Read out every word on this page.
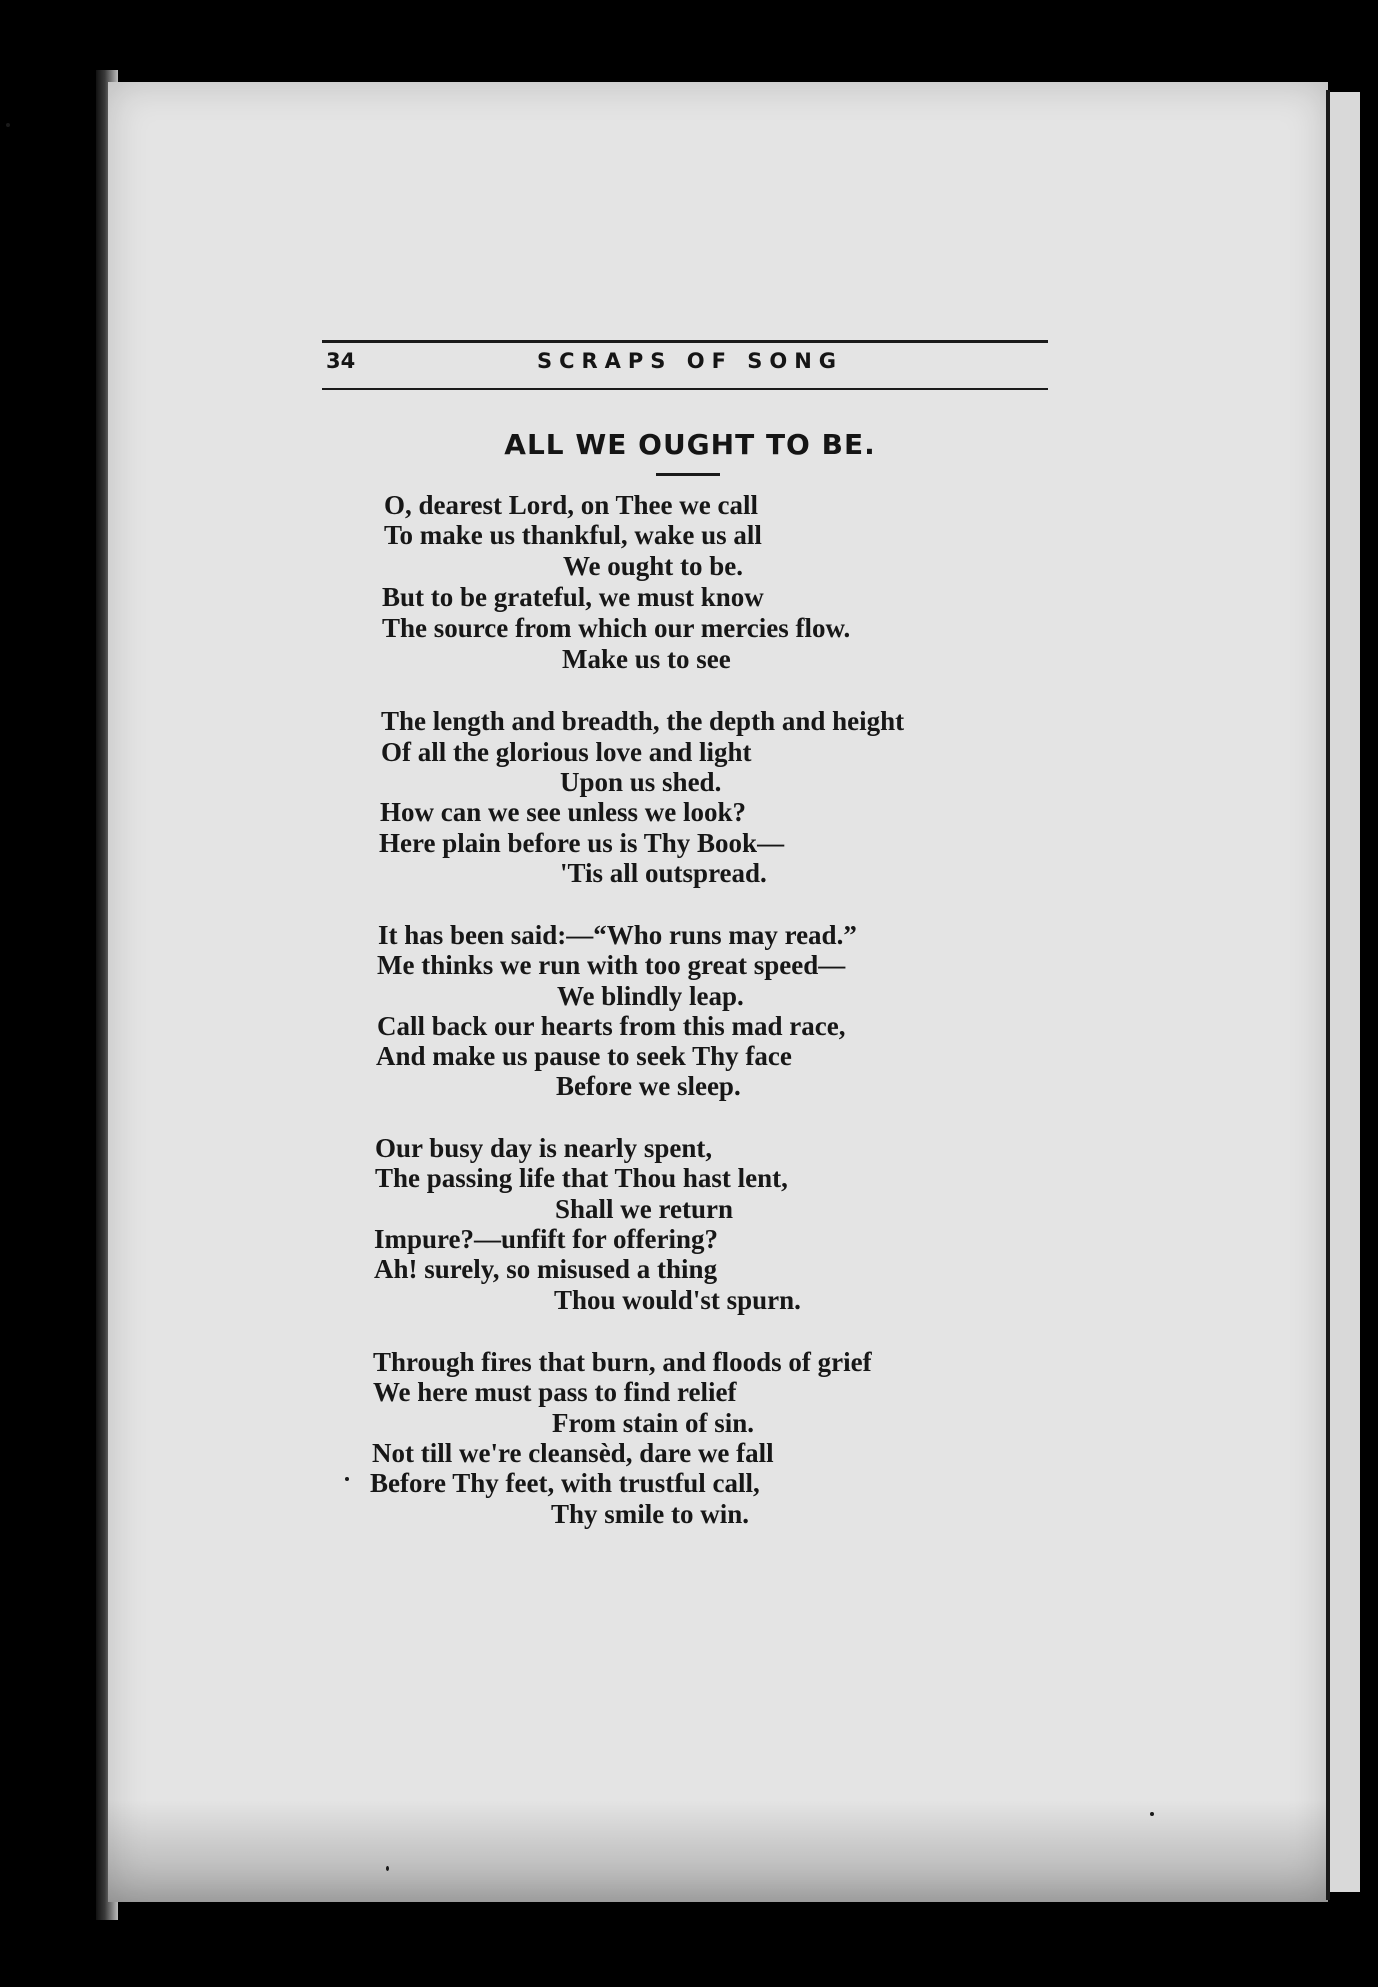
34	SCRAPS OF SONG
ALL WE OUGHT TO BE.
O, dearest Lord, on Thee we call
To make us thankful, wake us all
We ought to be.
But to be grateful, we must know
The source from which our mercies flow.
Make us to see
The length and breadth, the depth and height
Of all the glorious love and light
Upon us shed.
How can we see unless we look?
Here plain before us is Thy Book—
'Tis all outspread.
It has been said:—“Who runs may read.”
Me thinks we run with too great speed—
We blindly leap.
Call back our hearts from this mad race,
And make us pause to seek Thy face
Before we sleep.
Our busy day is nearly spent,
The passing life that Thou hast lent,
Shall we return
Impure?—unfift for offering?
Ah! surely, so misused a thing
Thou would'st spurn.
Through fires that burn, and floods of grief
We here must pass to find relief
From stain of sin.
Not till we're cleansèd, dare we fall
Before Thy feet, with trustful call,
Thy smile to win.
